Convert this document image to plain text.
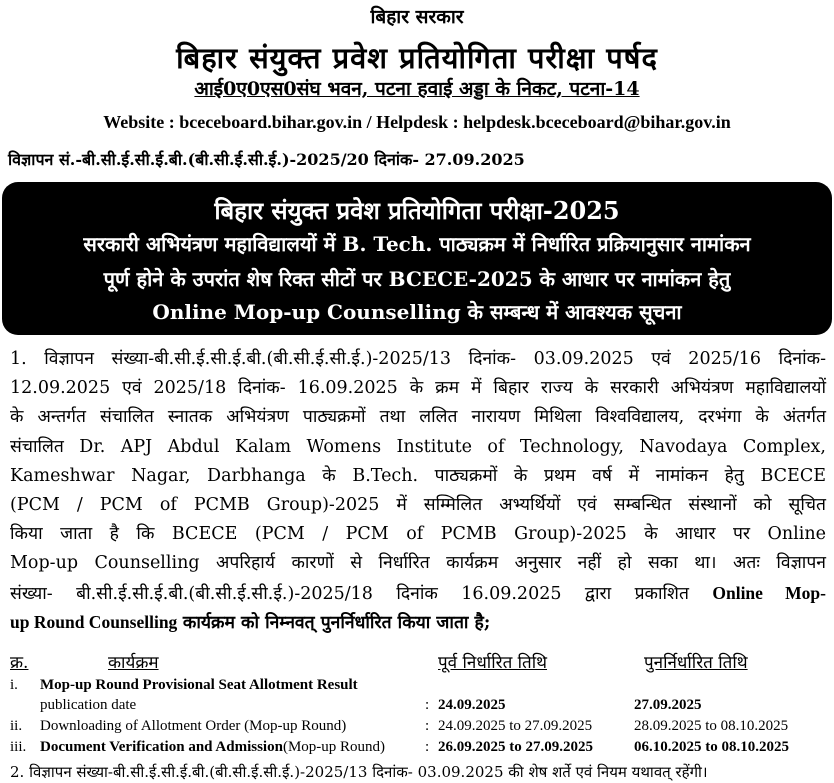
बिहार सरकार
बिहार संयुक्त प्रवेश प्रतियोगिता परीक्षा पर्षद
आई0ए0एस0संघ भवन, पटना हवाई अड्डा के निकट, पटना-14
Website : bceceboard.bihar.gov.in / Helpdesk : helpdesk.bceceboard@bihar.gov.in
विज्ञापन सं.-बी.सी.ई.सी.ई.बी.(बी.सी.ई.सी.ई.)-2025/20 दिनांक- 27.09.2025
बिहार संयुक्त प्रवेश प्रतियोगिता परीक्षा-2025
सरकारी अभियंत्रण महाविद्यालयों में B. Tech. पाठ्यक्रम में निर्धारित प्रक्रियानुसार नामांकन
पूर्ण होने के उपरांत शेष रिक्त सीटों पर BCECE-2025 के आधार पर नामांकन हेतु
Online Mop-up Counselling के सम्बन्ध में आवश्यक सूचना
1. विज्ञापन संख्या-बी.सी.ई.सी.ई.बी.(बी.सी.ई.सी.ई.)-2025/13 दिनांक- 03.09.2025 एवं 2025/16 दिनांक-
12.09.2025 एवं 2025/18 दिनांक- 16.09.2025 के क्रम में बिहार राज्य के सरकारी अभियंत्रण महाविद्यालयों
के अन्तर्गत संचालित स्नातक अभियंत्रण पाठ्यक्रमों तथा ललित नारायण मिथिला विश्वविद्यालय, दरभंगा के अंतर्गत
संचालित Dr. APJ Abdul Kalam Womens Institute of Technology, Navodaya Complex,
Kameshwar Nagar, Darbhanga के B.Tech. पाठ्यक्रमों के प्रथम वर्ष में नामांकन हेतु BCECE
(PCM / PCM of PCMB Group)-2025 में सम्मिलित अभ्यर्थियों एवं सम्बन्धित संस्थानों को सूचित
किया जाता है कि BCECE (PCM / PCM of PCMB Group)-2025 के आधार पर Online
Mop-up Counselling अपरिहार्य कारणों से निर्धारित कार्यक्रम अनुसार नहीं हो सका था। अतः विज्ञापन
संख्या- बी.सी.ई.सी.ई.बी.(बी.सी.ई.सी.ई.)-2025/18 दिनांक 16.09.2025 द्वारा प्रकाशित Online Mop-
up Round Counselling कार्यक्रम को निम्नवत् पुनर्निर्धारित किया जाता है;
क्र.	कार्यक्रम	पूर्व निर्धारित तिथि	पुनर्निर्धारित तिथि
i. Mop-up Round Provisional Seat Allotment Result
publication date	: 24.09.2025	27.09.2025
ii. Downloading of Allotment Order (Mop-up Round)	: 24.09.2025 to 27.09.2025	28.09.2025 to 08.10.2025
iii. Document Verification and Admission (Mop-up Round)	: 26.09.2025 to 27.09.2025	06.10.2025 to 08.10.2025
2. विज्ञापन संख्या-बी.सी.ई.सी.ई.बी.(बी.सी.ई.सी.ई.)-2025/13 दिनांक- 03.09.2025 की शेष शर्ते एवं नियम यथावत् रहेंगी।
